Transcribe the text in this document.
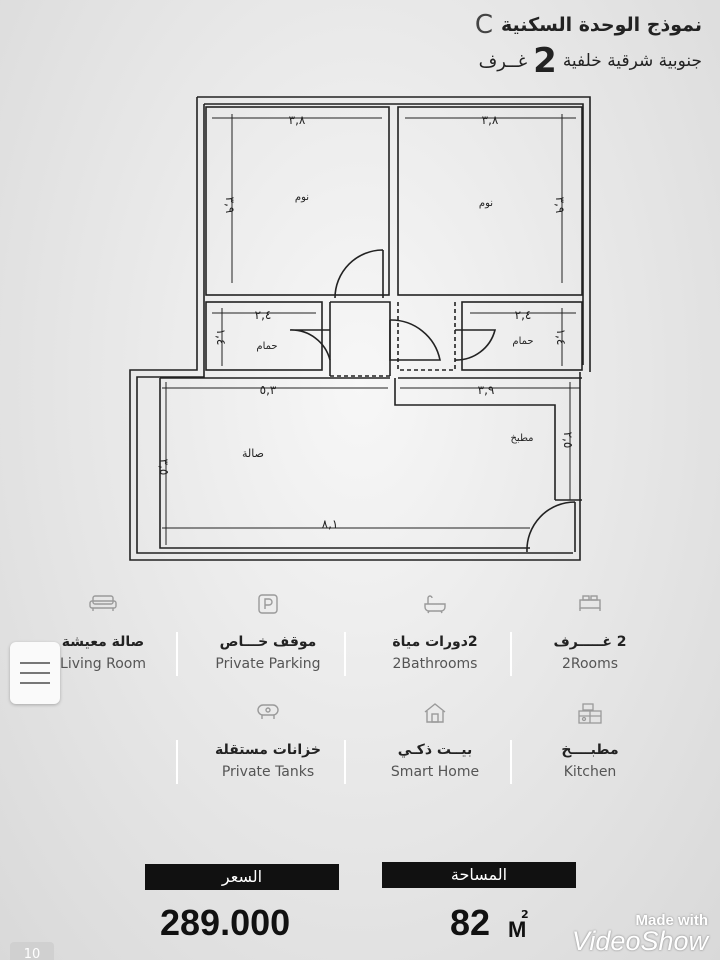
نموذج الوحدة السكنية
C
جنوبية شرقية خلفية
2
غــرف
٣,٨	٣,٨
٣,٩	٣,٩
نوم
نوم
٢,٤	٢,٤
١,٤	١,٤
حمام	حمام
٥,٣	٣,٩
٣,٥
٢,٥
٨,١
صالة
مطبخ
2 غـــــرف
2Rooms
2دورات مياة
2Bathrooms
موقف خـــاص
Private Parking
صالة معيشة
Living Room
مطبــــخ
Kitchen
بيــت ذكـي
Smart Home
خزانات مستقلة
Private Tanks
السعر	المساحة
289.000	82 M
2	Made with
VideoShow
10
